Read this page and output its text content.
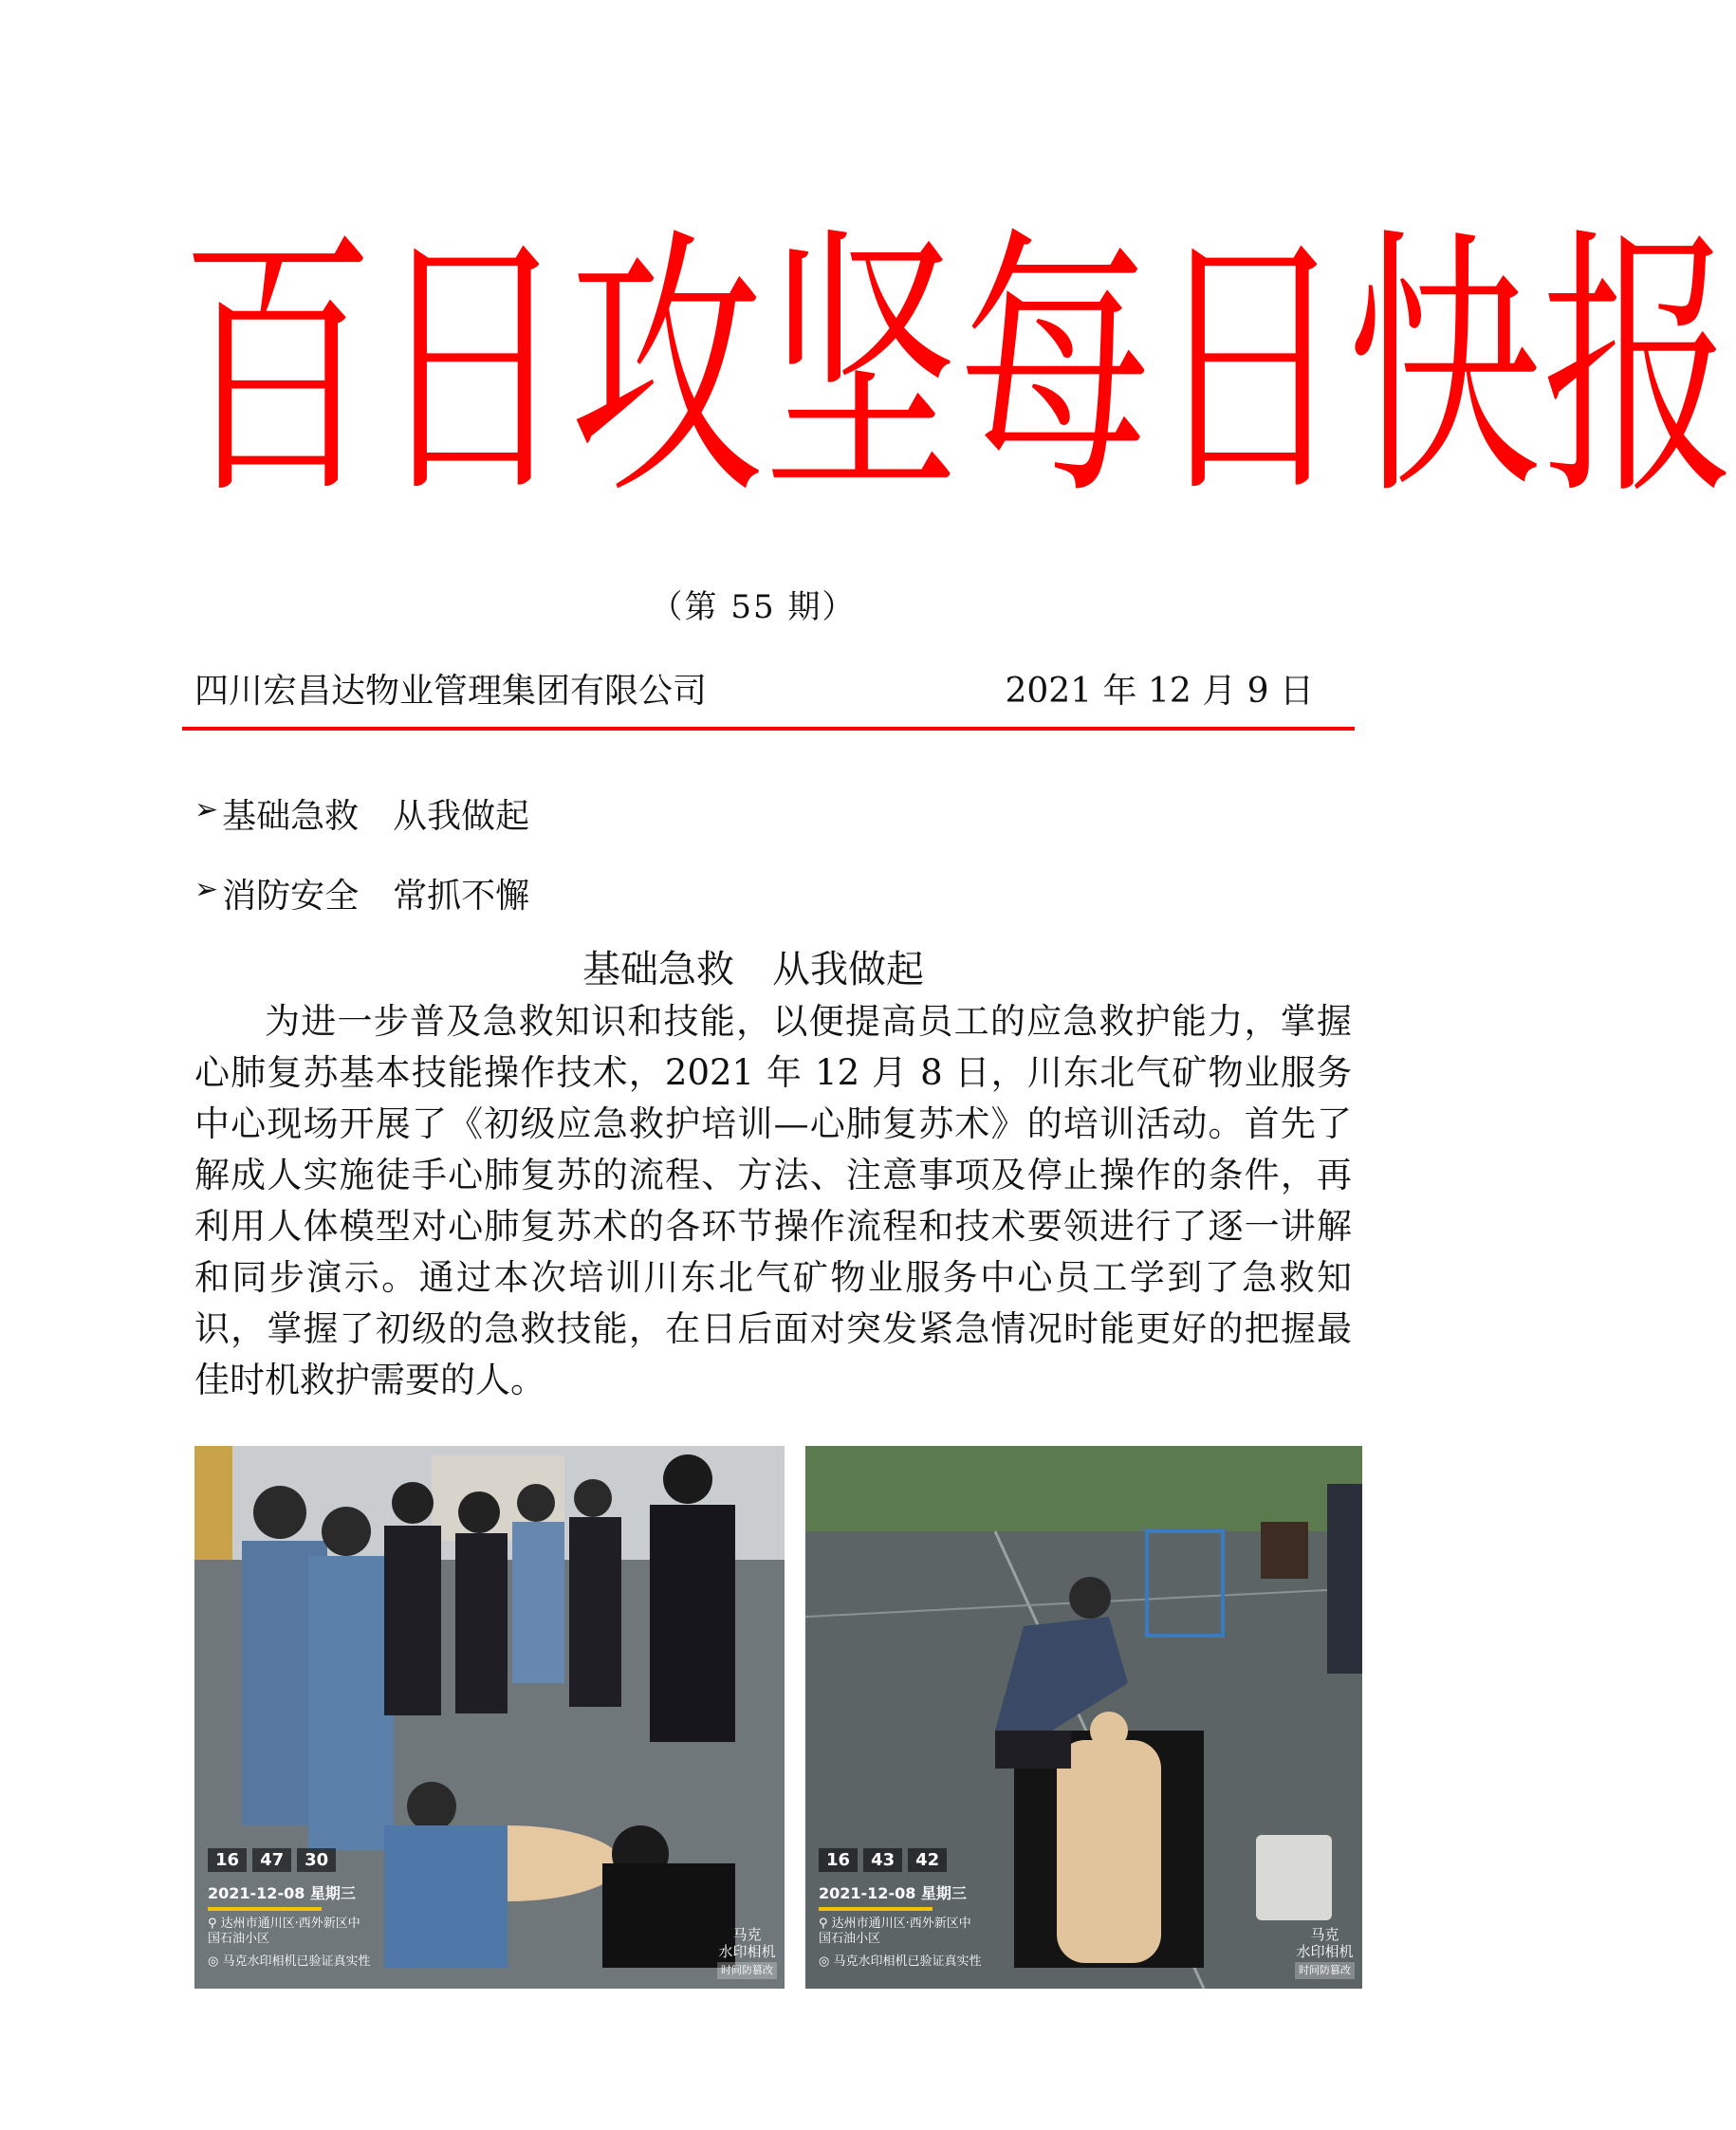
百 日 攻 坚 每 日 快 报
（第 55 期）
四川宏昌达物业管理集团有限公司	2021 年 12 月 9 日
➢ 基础急救　从我做起
➢ 消防安全　常抓不懈
基础急救　从我做起
为进一步普及急救知识和技能，以便提高员工的应急救护能力，掌握心肺复苏基本技能操作技术，2021 年 12 月 8 日，川东北气矿物业服务中心现场开展了《初级应急救护培训—心肺复苏术》的培训活动。首先了解成人实施徒手心肺复苏的流程、方法、注意事项及停止操作的条件，再利用人体模型对心肺复苏术的各环节操作流程和技术要领进行了逐一讲解和同步演示。通过本次培训川东北气矿物业服务中心员工学到了急救知识，掌握了初级的急救技能，在日后面对突发紧急情况时能更好的把握最佳时机救护需要的人。
16	47	30
2021-12-08 星期三
⚲ 达州市通川区·西外新区中
国石油小区
◎ 马克水印相机已验证真实性
马克
水印相机
时间防篡改
16	43	42
2021-12-08 星期三
⚲ 达州市通川区·西外新区中
国石油小区
◎ 马克水印相机已验证真实性
马克
水印相机
时间防篡改
